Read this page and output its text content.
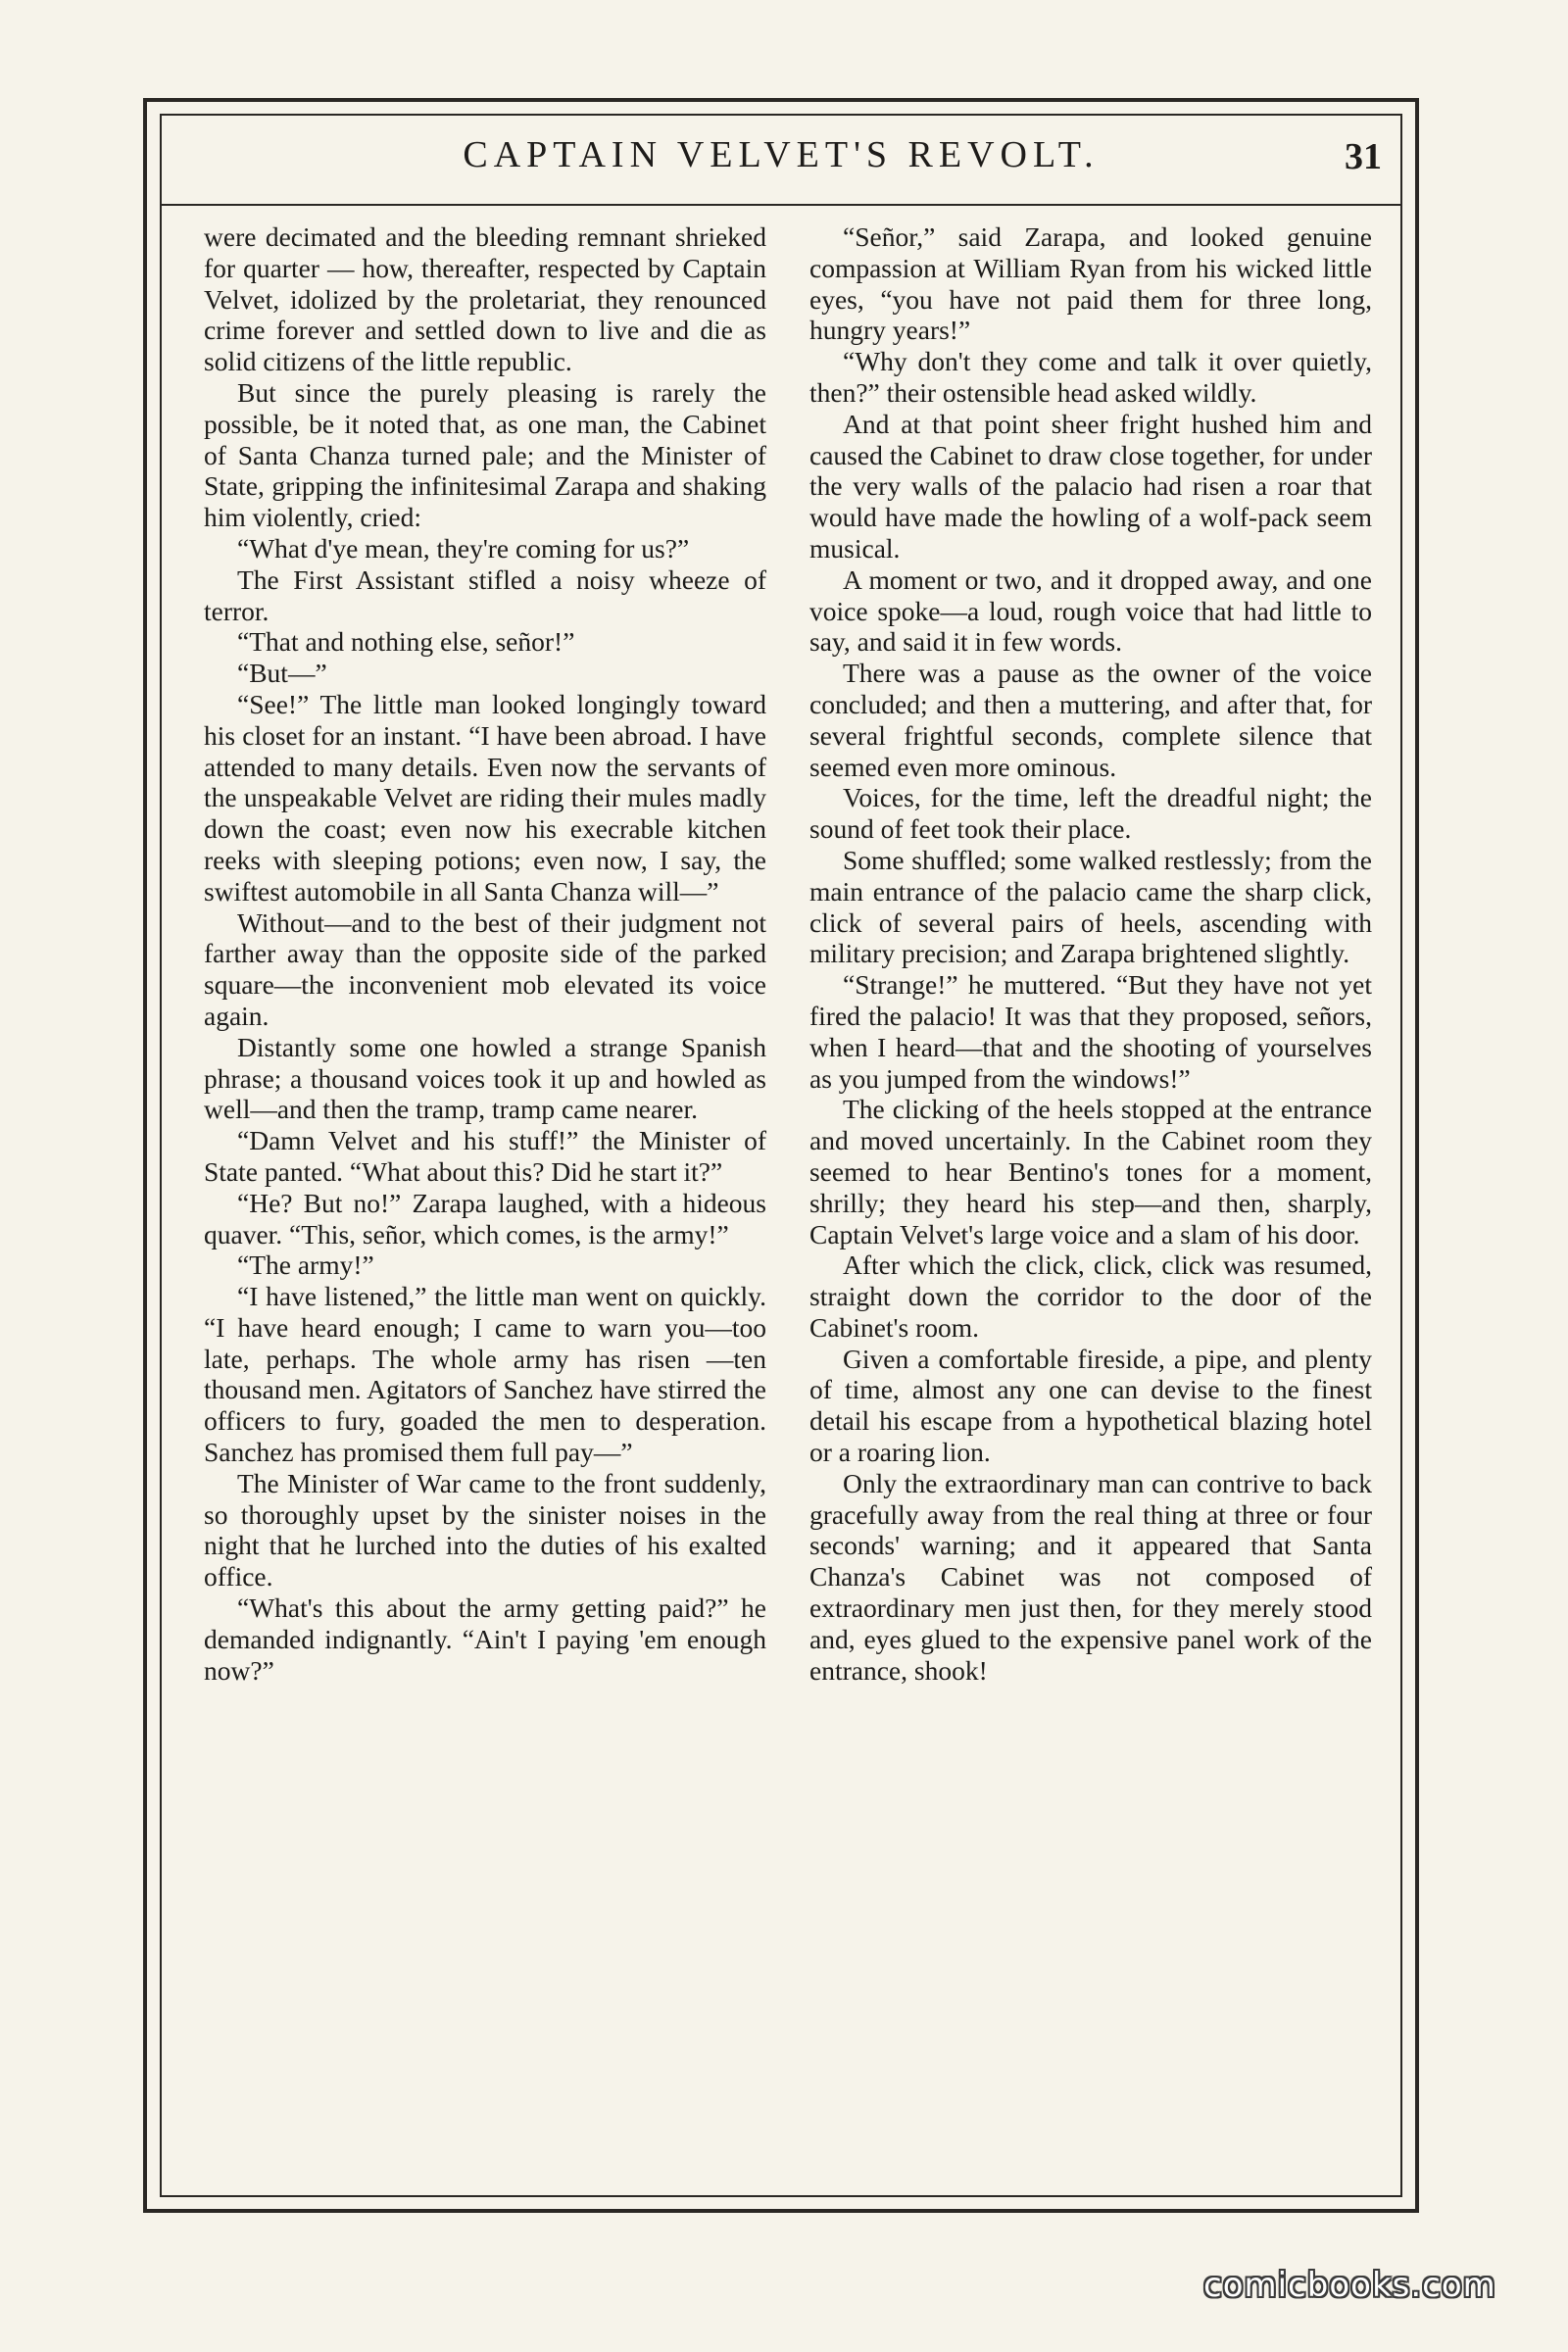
CAPTAIN VELVET'S REVOLT.	31

were decimated and the bleeding remnant shrieked for quarter — how, thereafter, respected by Captain Velvet, idolized by the proletariat, they renounced crime forever and settled down to live and die as solid citizens of the little republic.

But since the purely pleasing is rarely the possible, be it noted that, as one man, the Cabinet of Santa Chanza turned pale; and the Minister of State, gripping the infinitesimal Zarapa and shaking him violently, cried:

“What d'ye mean, they're coming for us?”

The First Assistant stifled a noisy wheeze of terror.

“That and nothing else, señor!”

“But—”

“See!” The little man looked longingly toward his closet for an instant. “I have been abroad. I have attended to many details. Even now the servants of the unspeakable Velvet are riding their mules madly down the coast; even now his execrable kitchen reeks with sleeping potions; even now, I say, the swiftest automobile in all Santa Chanza will—”

Without—and to the best of their judgment not farther away than the opposite side of the parked square—the inconvenient mob elevated its voice again.

Distantly some one howled a strange Spanish phrase; a thousand voices took it up and howled as well—and then the tramp, tramp came nearer.

“Damn Velvet and his stuff!” the Minister of State panted. “What about this? Did he start it?”

“He? But no!” Zarapa laughed, with a hideous quaver. “This, señor, which comes, is the army!”

“The army!”

“I have listened,” the little man went on quickly. “I have heard enough; I came to warn you—too late, perhaps. The whole army has risen —ten thousand men. Agitators of Sanchez have stirred the officers to fury, goaded the men to desperation. Sanchez has promised them full pay—”

The Minister of War came to the front suddenly, so thoroughly upset by the sinister noises in the night that he lurched into the duties of his exalted office.

“What's this about the army getting paid?” he demanded indignantly. “Ain't I paying 'em enough now?”

“Señor,” said Zarapa, and looked genuine compassion at William Ryan from his wicked little eyes, “you have not paid them for three long, hungry years!”

“Why don't they come and talk it over quietly, then?” their ostensible head asked wildly.

And at that point sheer fright hushed him and caused the Cabinet to draw close together, for under the very walls of the palacio had risen a roar that would have made the howling of a wolf-pack seem musical.

A moment or two, and it dropped away, and one voice spoke—a loud, rough voice that had little to say, and said it in few words.

There was a pause as the owner of the voice concluded; and then a muttering, and after that, for several frightful seconds, complete silence that seemed even more ominous.

Voices, for the time, left the dreadful night; the sound of feet took their place.

Some shuffled; some walked restlessly; from the main entrance of the palacio came the sharp click, click of several pairs of heels, ascending with military precision; and Zarapa brightened slightly.

“Strange!” he muttered. “But they have not yet fired the palacio! It was that they proposed, señors, when I heard—that and the shooting of yourselves as you jumped from the windows!”

The clicking of the heels stopped at the entrance and moved uncertainly. In the Cabinet room they seemed to hear Bentino's tones for a moment, shrilly; they heard his step—and then, sharply, Captain Velvet's large voice and a slam of his door.

After which the click, click, click was resumed, straight down the corridor to the door of the Cabinet's room.

Given a comfortable fireside, a pipe, and plenty of time, almost any one can devise to the finest detail his escape from a hypothetical blazing hotel or a roaring lion.

Only the extraordinary man can contrive to back gracefully away from the real thing at three or four seconds' warning; and it appeared that Santa Chanza's Cabinet was not composed of extraordinary men just then, for they merely stood and, eyes glued to the expensive panel work of the entrance, shook!

comicbooks.com
